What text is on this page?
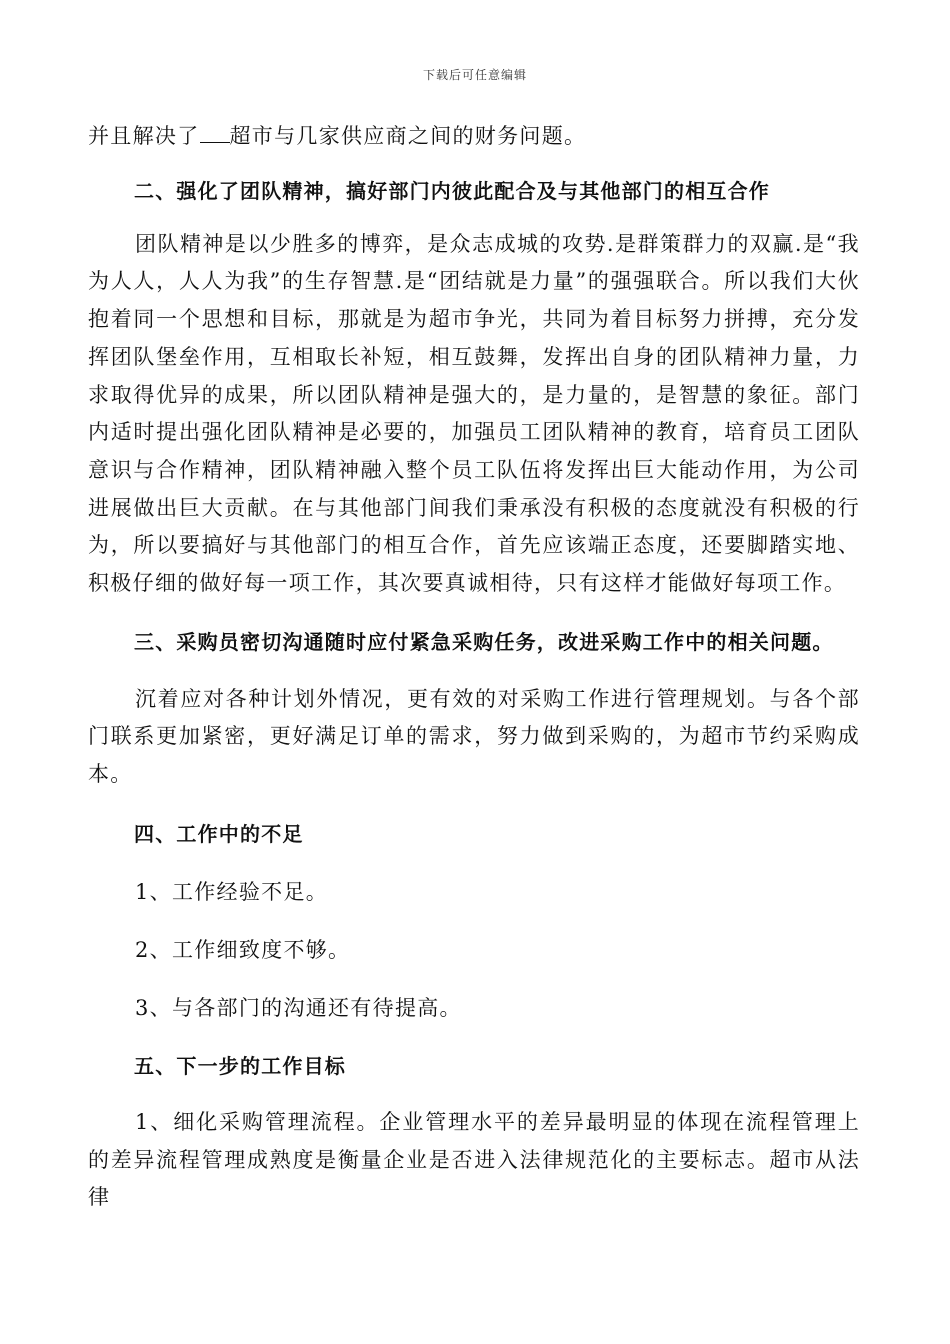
下载后可任意编辑

并且解决了 超市与几家供应商之间的财务问题。

二、强化了团队精神，搞好部门内彼此配合及与其他部门的相互合作

团队精神是以少胜多的博弈，是众志成城的攻势.是群策群力的双赢.是“我为人人，人人为我”的生存智慧.是“团结就是力量”的强强联合。所以我们大伙抱着同一个思想和目标，那就是为超市争光，共同为着目标努力拼搏，充分发挥团队堡垒作用，互相取长补短，相互鼓舞，发挥出自身的团队精神力量，力求取得优异的成果，所以团队精神是强大的，是力量的，是智慧的象征。部门内适时提出强化团队精神是必要的，加强员工团队精神的教育，培育员工团队意识与合作精神，团队精神融入整个员工队伍将发挥出巨大能动作用，为公司进展做出巨大贡献。在与其他部门间我们秉承没有积极的态度就没有积极的行为，所以要搞好与其他部门的相互合作，首先应该端正态度，还要脚踏实地、积极仔细的做好每一项工作，其次要真诚相待，只有这样才能做好每项工作。

三、采购员密切沟通随时应付紧急采购任务，改进采购工作中的相关问题。

沉着应对各种计划外情况，更有效的对采购工作进行管理规划。与各个部门联系更加紧密，更好满足订单的需求，努力做到采购的，为超市节约采购成本。

四、工作中的不足

1、工作经验不足。

2、工作细致度不够。

3、与各部门的沟通还有待提高。

五、下一步的工作目标

1、细化采购管理流程。企业管理水平的差异最明显的体现在流程管理上的差异流程管理成熟度是衡量企业是否进入法律规范化的主要标志。超市从法律
